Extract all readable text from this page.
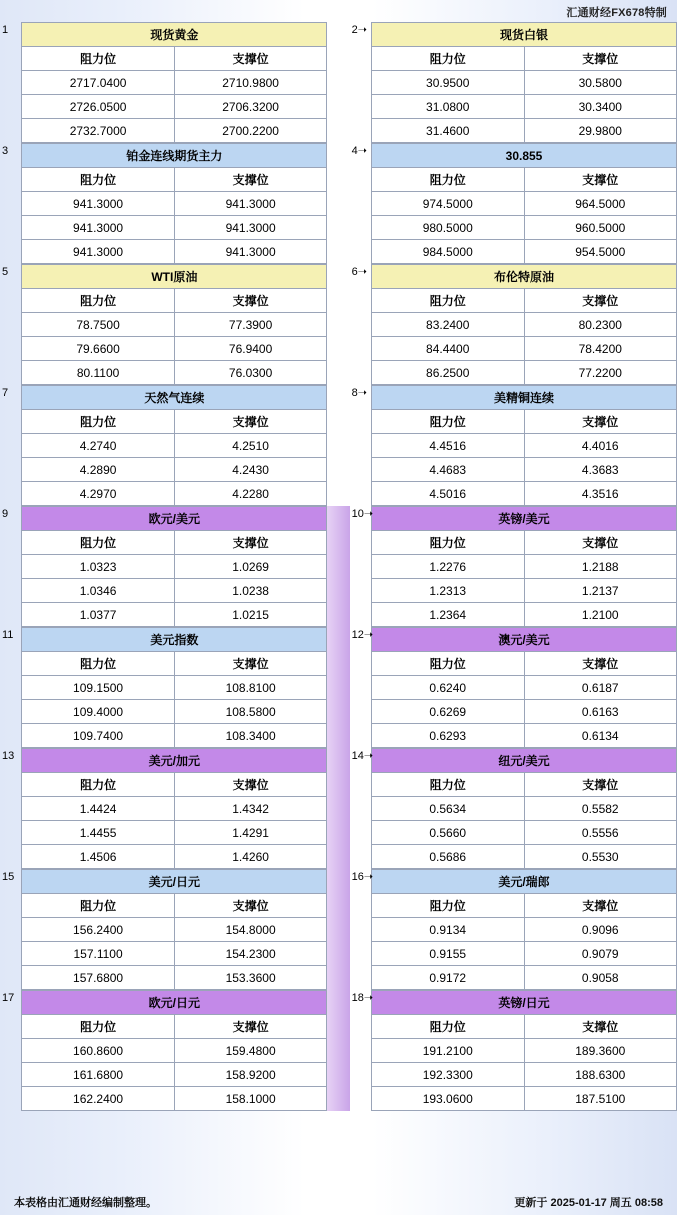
汇通财经FX678特制
1	现货黄金	
阻力位	支撑位
2717.0400	2710.9800
2726.0500	2706.3200
2732.7000	2700.2200
2➝	现货白银	
阻力位	支撑位
30.9500	30.5800
31.0800	30.3400
31.4600	29.9800
3	铂金连线期货主力	
阻力位	支撑位
941.3000	941.3000
941.3000	941.3000
941.3000	941.3000
4➝	30.855	
阻力位	支撑位
974.5000	964.5000
980.5000	960.5000
984.5000	954.5000
5	WTI原油	
阻力位	支撑位
78.7500	77.3900
79.6600	76.9400
80.1100	76.0300
6➝	布伦特原油	
阻力位	支撑位
83.2400	80.2300
84.4400	78.4200
86.2500	77.2200
7	天然气连续	
阻力位	支撑位
4.2740	4.2510
4.2890	4.2430
4.2970	4.2280
8➝	美精铜连续	
阻力位	支撑位
4.4516	4.4016
4.4683	4.3683
4.5016	4.3516
9	欧元/美元	
阻力位	支撑位
1.0323	1.0269
1.0346	1.0238
1.0377	1.0215
10➝	英镑/美元	
阻力位	支撑位
1.2276	1.2188
1.2313	1.2137
1.2364	1.2100
11	美元指数	
阻力位	支撑位
109.1500	108.8100
109.4000	108.5800
109.7400	108.3400
12➝	澳元/美元	
阻力位	支撑位
0.6240	0.6187
0.6269	0.6163
0.6293	0.6134
13	美元/加元	
阻力位	支撑位
1.4424	1.4342
1.4455	1.4291
1.4506	1.4260
14➝	纽元/美元	
阻力位	支撑位
0.5634	0.5582
0.5660	0.5556
0.5686	0.5530
15	美元/日元	
阻力位	支撑位
156.2400	154.8000
157.1100	154.2300
157.6800	153.3600
16➝	美元/瑞郎	
阻力位	支撑位
0.9134	0.9096
0.9155	0.9079
0.9172	0.9058
17	欧元/日元	
阻力位	支撑位
160.8600	159.4800
161.6800	158.9200
162.2400	158.1000
18➝	英镑/日元	
阻力位	支撑位
191.2100	189.3600
192.3300	188.6300
193.0600	187.5100
本表格由汇通财经编制整理。	更新于 2025-01-17 周五 08:58
